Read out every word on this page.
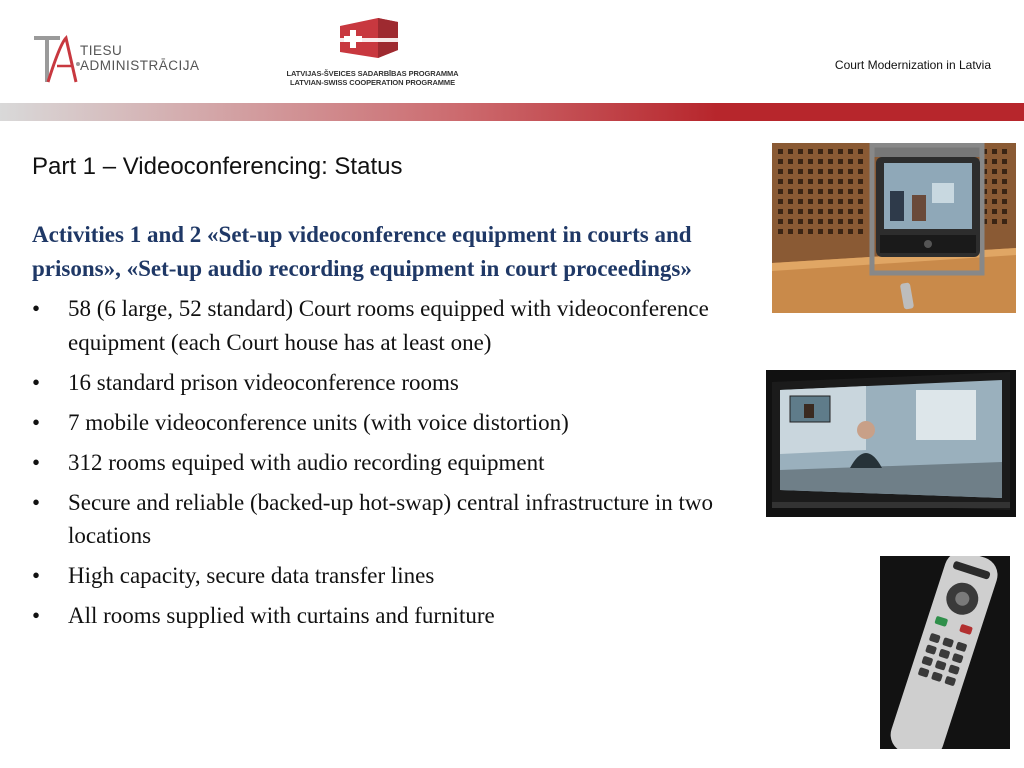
TIESU
ADMINISTRĀCIJA
LATVIJAS-ŠVEICES SADARBĪBAS PROGRAMMA
LATVIAN-SWISS COOPERATION PROGRAMME
Court Modernization in Latvia
Part 1 – Videoconferencing: Status
Activities 1 and 2 «Set-up videoconference equipment in courts and prisons», «Set-up audio recording equipment in court proceedings»
•	58 (6 large, 52 standard) Court rooms equipped with videoconference equipment (each Court house has at least one)
•	16 standard prison videoconference rooms
•	7 mobile videoconference units (with voice distortion)
•	312 rooms equiped with audio recording equipment
•	Secure and reliable (backed-up hot-swap) central infrastructure in two locations
•	High capacity, secure data transfer lines
•	All rooms supplied with curtains and furniture
